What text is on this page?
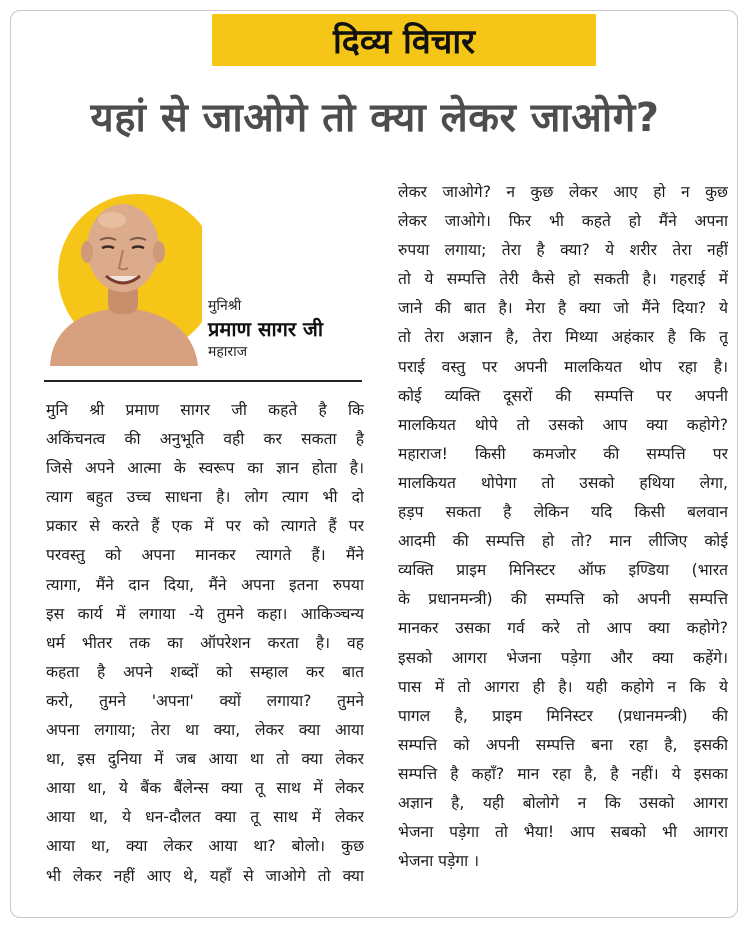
दिव्य विचार
यहां से जाओगे तो क्या लेकर जाओगे?
मुनिश्री
प्रमाण सागर जी
महाराज
मुनि श्री प्रमाण सागर जी कहते है कि
अकिंचनत्व की अनुभूति वही कर सकता है
जिसे अपने आत्मा के स्वरूप का ज्ञान होता है।
त्याग बहुत उच्च साधना है। लोग त्याग भी दो
प्रकार से करते हैं एक में पर को त्यागते हैं पर
परवस्तु को अपना मानकर त्यागते हैं। मैंने
त्यागा, मैंने दान दिया, मैंने अपना इतना रुपया
इस कार्य में लगाया -ये तुमने कहा। आकिञ्चन्य
धर्म भीतर तक का ऑपरेशन करता है। वह
कहता है अपने शब्दों को सम्हाल कर बात
करो, तुमने 'अपना' क्यों लगाया? तुमने
अपना लगाया; तेरा था क्या, लेकर क्या आया
था, इस दुनिया में जब आया था तो क्या लेकर
आया था, ये बैंक बैंलेन्स क्या तू साथ में लेकर
आया था, ये धन-दौलत क्या तू साथ में लेकर
आया था, क्या लेकर आया था? बोलो। कुछ
भी लेकर नहीं आए थे, यहाँ से जाओगे तो क्या
लेकर जाओगे? न कुछ लेकर आए हो न कुछ
लेकर जाओगे। फिर भी कहते हो मैंने अपना
रुपया लगाया; तेरा है क्या? ये शरीर तेरा नहीं
तो ये सम्पत्ति तेरी कैसे हो सकती है। गहराई में
जाने की बात है। मेरा है क्या जो मैंने दिया? ये
तो तेरा अज्ञान है, तेरा मिथ्या अहंकार है कि तू
पराई वस्तु पर अपनी मालकियत थोप रहा है।
कोई व्यक्ति दूसरों की सम्पत्ति पर अपनी
मालकियत थोपे तो उसको आप क्या कहोगे?
महाराज! किसी कमजोर की सम्पत्ति पर
मालकियत थोपेगा तो उसको हथिया लेगा,
हड़प सकता है लेकिन यदि किसी बलवान
आदमी की सम्पत्ति हो तो? मान लीजिए कोई
व्यक्ति प्राइम मिनिस्टर ऑफ इण्डिया (भारत
के प्रधानमन्त्री) की सम्पत्ति को अपनी सम्पत्ति
मानकर उसका गर्व करे तो आप क्या कहोगे?
इसको आगरा भेजना पड़ेगा और क्या कहेंगे।
पास में तो आगरा ही है। यही कहोगे न कि ये
पागल है, प्राइम मिनिस्टर (प्रधानमन्त्री) की
सम्पत्ति को अपनी सम्पत्ति बना रहा है, इसकी
सम्पत्ति है कहाँ? मान रहा है, है नहीं। ये इसका
अज्ञान है, यही बोलोगे न कि उसको आगरा
भेजना पड़ेगा तो भैया! आप सबको भी आगरा
भेजना पड़ेगा ।
